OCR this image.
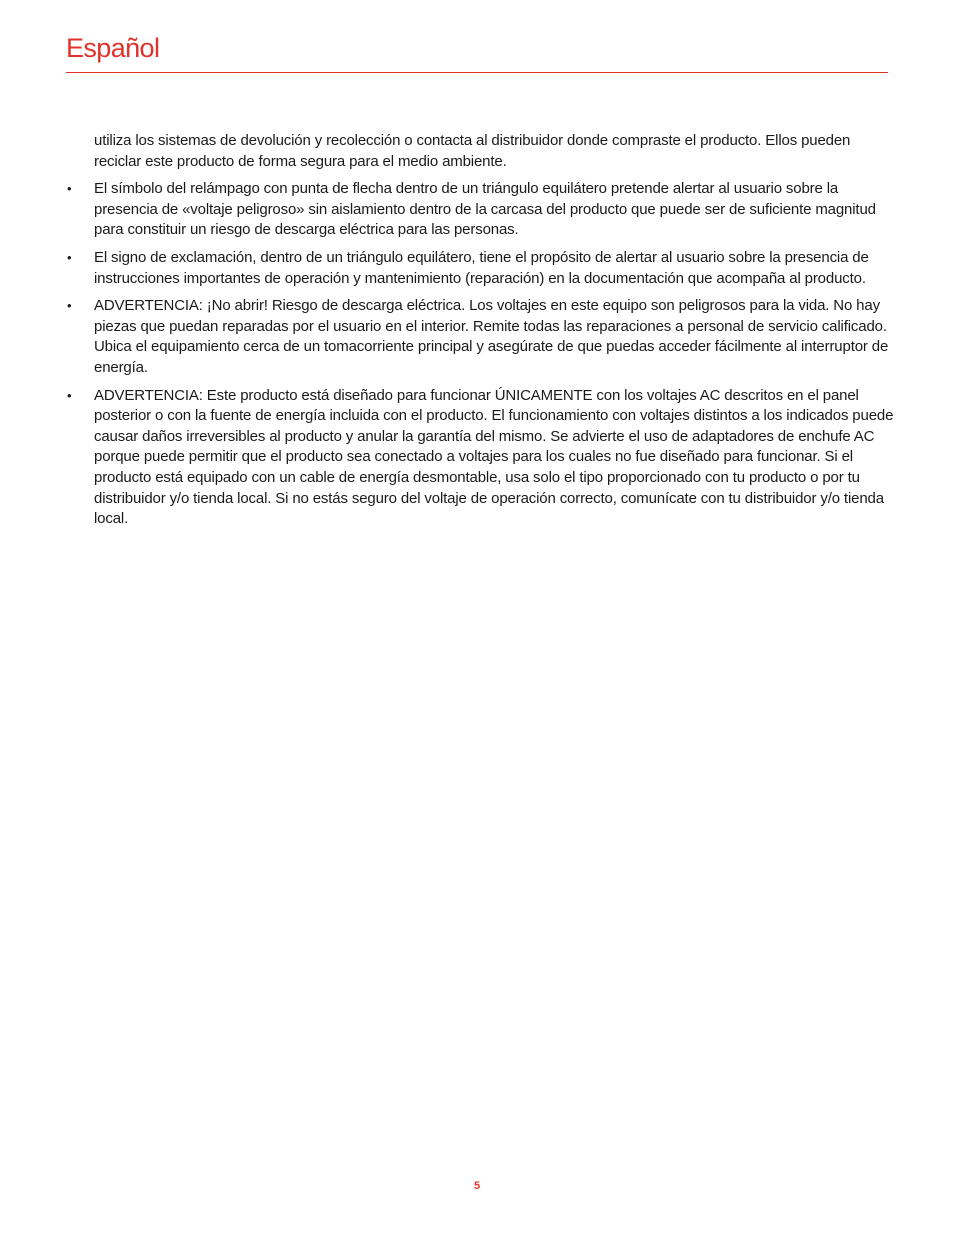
Español

utiliza los sistemas de devolución y recolección o contacta al distribuidor donde compraste el producto. Ellos pueden reciclar este producto de forma segura para el medio ambiente.

• El símbolo del relámpago con punta de flecha dentro de un triángulo equilátero pretende alertar al usuario sobre la presencia de «voltaje peligroso» sin aislamiento dentro de la carcasa del producto que puede ser de suficiente magnitud para constituir un riesgo de descarga eléctrica para las personas.
• El signo de exclamación, dentro de un triángulo equilátero, tiene el propósito de alertar al usuario sobre la presencia de instrucciones importantes de operación y mantenimiento (reparación) en la documentación que acompaña al producto.
• ADVERTENCIA: ¡No abrir! Riesgo de descarga eléctrica. Los voltajes en este equipo son peligrosos para la vida. No hay piezas que puedan reparadas por el usuario en el interior. Remite todas las reparaciones a personal de servicio calificado. Ubica el equipamiento cerca de un tomacorriente principal y asegúrate de que puedas acceder fácilmente al interruptor de energía.
• ADVERTENCIA: Este producto está diseñado para funcionar ÚNICAMENTE con los voltajes AC descritos en el panel posterior o con la fuente de energía incluida con el producto. El funcionamiento con voltajes distintos a los indicados puede causar daños irreversibles al producto y anular la garantía del mismo. Se advierte el uso de adaptadores de enchufe AC porque puede permitir que el producto sea conectado a voltajes para los cuales no fue diseñado para funcionar. Si el producto está equipado con un cable de energía desmontable, usa solo el tipo proporcionado con tu producto o por tu distribuidor y/o tienda local. Si no estás seguro del voltaje de operación correcto, comunícate con tu distribuidor y/o tienda local.
5
